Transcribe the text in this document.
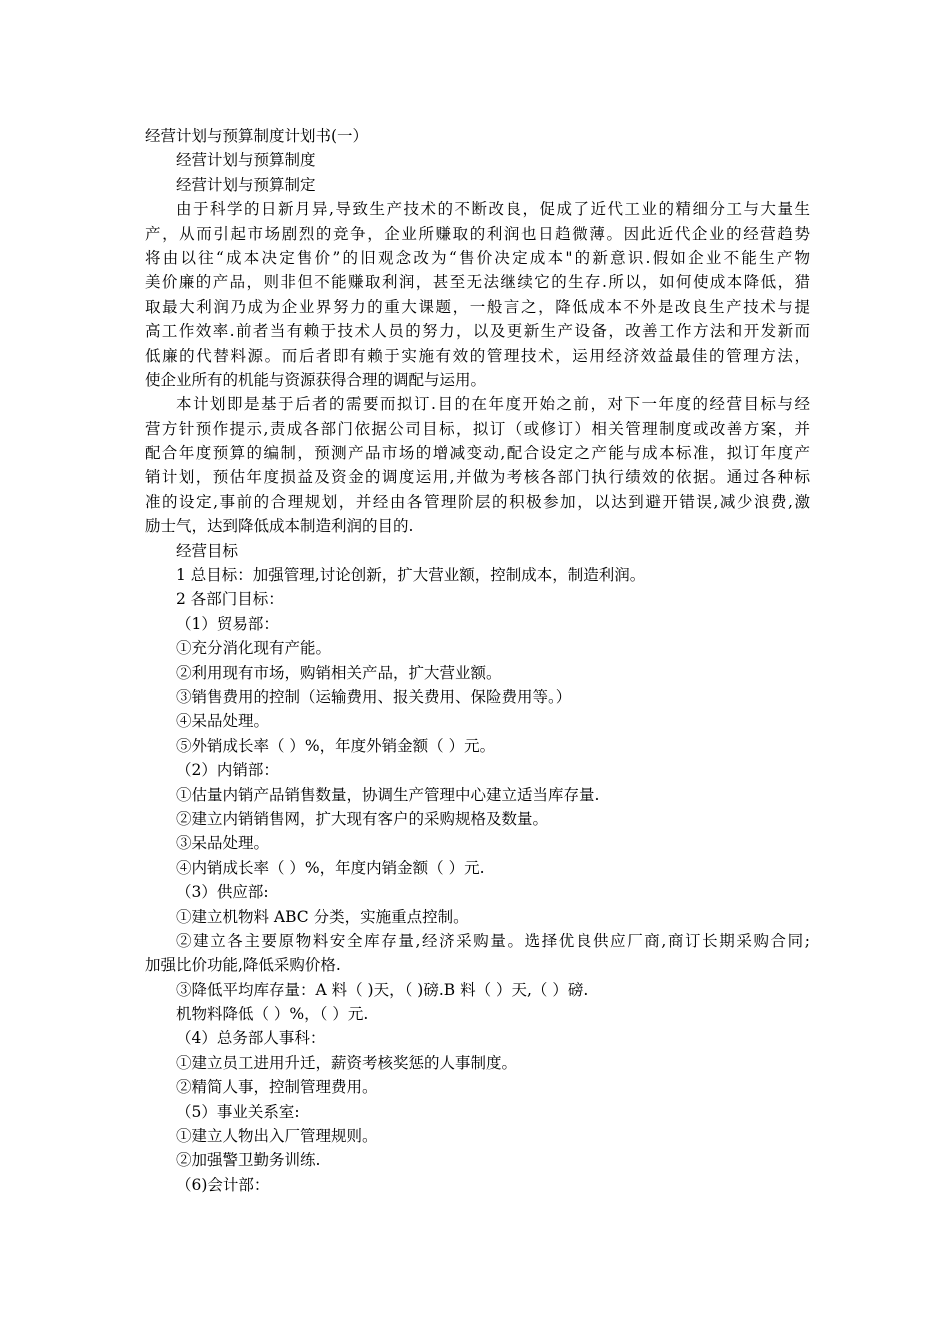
经营计划与预算制度计划书(一）
经营计划与预算制度
经营计划与预算制定
由于科学的日新月异,导致生产技术的不断改良，促成了近代工业的精细分工与大量生
产，从而引起市场剧烈的竞争，企业所赚取的利润也日趋微薄。因此近代企业的经营趋势
将由以往“成本决定售价”的旧观念改为“售价决定成本"的新意识.假如企业不能生产物
美价廉的产品，则非但不能赚取利润，甚至无法继续它的生存.所以，如何使成本降低，猎
取最大利润乃成为企业界努力的重大课题，一般言之，降低成本不外是改良生产技术与提
高工作效率.前者当有赖于技术人员的努力，以及更新生产设备，改善工作方法和开发新而
低廉的代替料源。而后者即有赖于实施有效的管理技术，运用经济效益最佳的管理方法，
使企业所有的机能与资源获得合理的调配与运用。
本计划即是基于后者的需要而拟订.目的在年度开始之前，对下一年度的经营目标与经
营方针预作提示,责成各部门依据公司目标，拟订（或修订）相关管理制度或改善方案，并
配合年度预算的编制，预测产品市场的增减变动,配合设定之产能与成本标准，拟订年度产
销计划，预估年度损益及资金的调度运用,并做为考核各部门执行绩效的依据。通过各种标
准的设定,事前的合理规划，并经由各管理阶层的积极参加，以达到避开错误,减少浪费,激
励士气，达到降低成本制造利润的目的.
经营目标
1 总目标：加强管理,讨论创新，扩大营业额，控制成本，制造利润。
2 各部门目标：
（1）贸易部：
①充分消化现有产能。
②利用现有市场，购销相关产品，扩大营业额。
③销售费用的控制（运输费用、报关费用、保险费用等。）
④呆品处理。
⑤外销成长率（ ）%，年度外销金额（ ）元。
（2）内销部：
①估量内销产品销售数量，协调生产管理中心建立适当库存量.
②建立内销销售网，扩大现有客户的采购规格及数量。
③呆品处理。
④内销成长率（ ）%，年度内销金额（ ）元.
（3）供应部:
①建立机物料 ABC 分类，实施重点控制。
②建立各主要原物料安全库存量,经济采购量。选择优良供应厂商,商订长期采购合同;
加强比价功能,降低采购价格.
③降低平均库存量：A 料（ )天，（ )磅.B 料（ ）天,（ ）磅.
机物料降低（ ）%，（ ）元.
（4）总务部人事科：
①建立员工进用升迁，薪资考核奖惩的人事制度。
②精简人事，控制管理费用。
（5）事业关系室:
①建立人物出入厂管理规则。
②加强警卫勤务训练.
（6)会计部：
